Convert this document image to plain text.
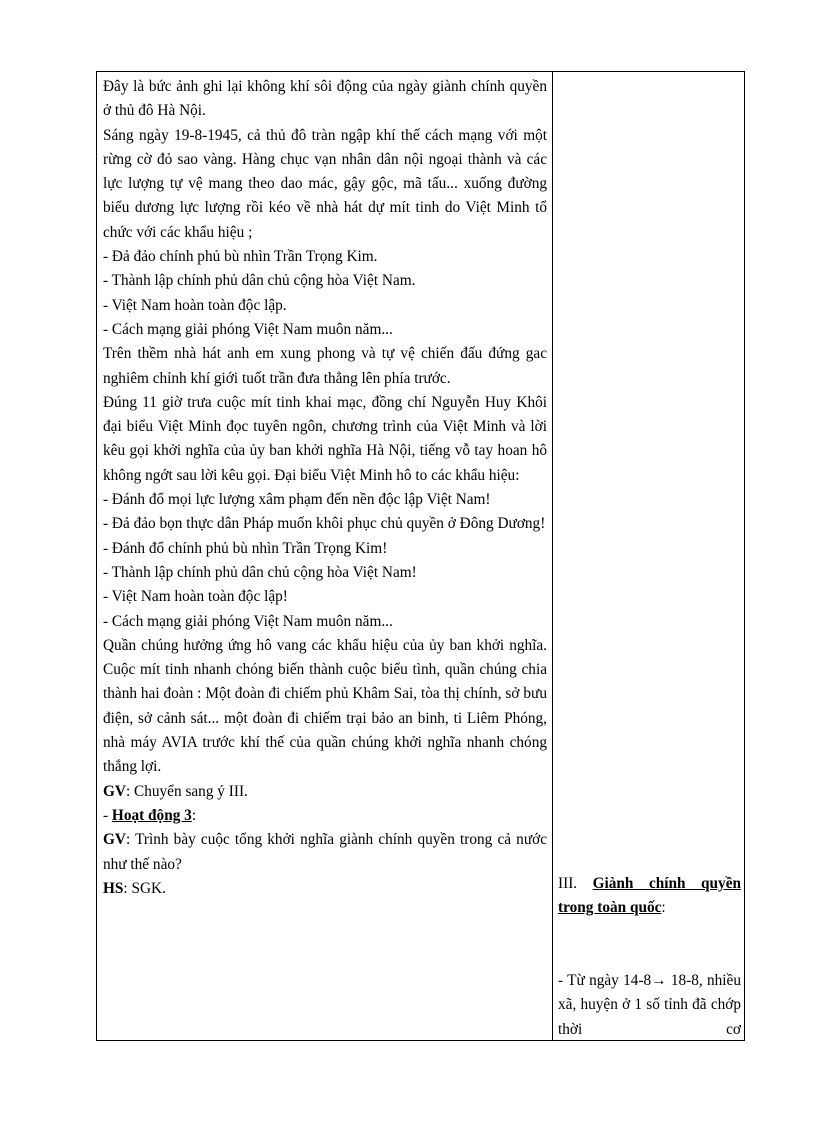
Đây là bức ảnh ghi lại không khí sôi động của ngày giành chính quyền ở thủ đô Hà Nội.

Sáng ngày 19-8-1945, cả thủ đô tràn ngập khí thế cách mạng với một rừng cờ đỏ sao vàng. Hàng chục vạn nhân dân nội ngoại thành và các lực lượng tự vệ mang theo dao mác, gậy gộc, mã tấu... xuống đường biểu dương lực lượng rồi kéo về nhà hát dự mít tinh do Việt Minh tổ chức với các khẩu hiệu ;

- Đả đảo chính phủ bù nhìn Trần Trọng Kim.

- Thành lập chính phủ dân chủ cộng hòa Việt Nam.

- Việt Nam hoàn toàn độc lập.

- Cách mạng giải phóng Việt Nam muôn năm...

Trên thềm nhà hát anh em xung phong và tự vệ chiến đấu đứng gac nghiêm chỉnh khí giới tuốt trần đưa thẳng lên phía trước.

Đúng 11 giờ trưa cuộc mít tinh khai mạc, đồng chí Nguyễn Huy Khôi đại biểu Việt Minh đọc tuyên ngôn, chương trình của Việt Minh và lời kêu gọi khởi nghĩa của ủy ban khởi nghĩa Hà Nội, tiếng vỗ tay hoan hô không ngớt sau lời kêu gọi. Đại biểu Việt Minh hô to các khẩu hiệu:

- Đánh đổ mọi lực lượng xâm phạm đến nền độc lập Việt Nam!

- Đả đảo bọn thực dân Pháp muốn khôi phục chủ quyền ở Đông Dương!

- Đánh đổ chính phủ bù nhìn Trần Trọng Kim!

- Thành lập chính phủ dân chủ cộng hòa Việt Nam!

- Việt Nam hoàn toàn độc lập!

- Cách mạng giải phóng Việt Nam muôn năm...

Quần chúng hưởng ứng hô vang các khẩu hiệu của ủy ban khởi nghĩa. Cuộc mít tinh nhanh chóng biến thành cuộc biểu tình, quần chúng chia thành hai đoàn : Một đoàn đi chiếm phủ Khâm Sai, tòa thị chính, sở bưu điện, sở cảnh sát... một đoàn đi chiếm trại bảo an binh, ti Liêm Phóng, nhà máy AVIA trước khí thế của quần chúng khởi nghĩa nhanh chóng thắng lợi.

GV: Chuyển sang ý III.

- Hoạt động 3:

GV: Trình bày cuộc tổng khởi nghĩa giành chính quyền trong cả nước như thế nào?

HS: SGK.	III. Giành chính quyền trong toàn quốc:

- Từ ngày 14-8→ 18-8, nhiều xã, huyện ở 1 số tỉnh đã chớp thời cơ
